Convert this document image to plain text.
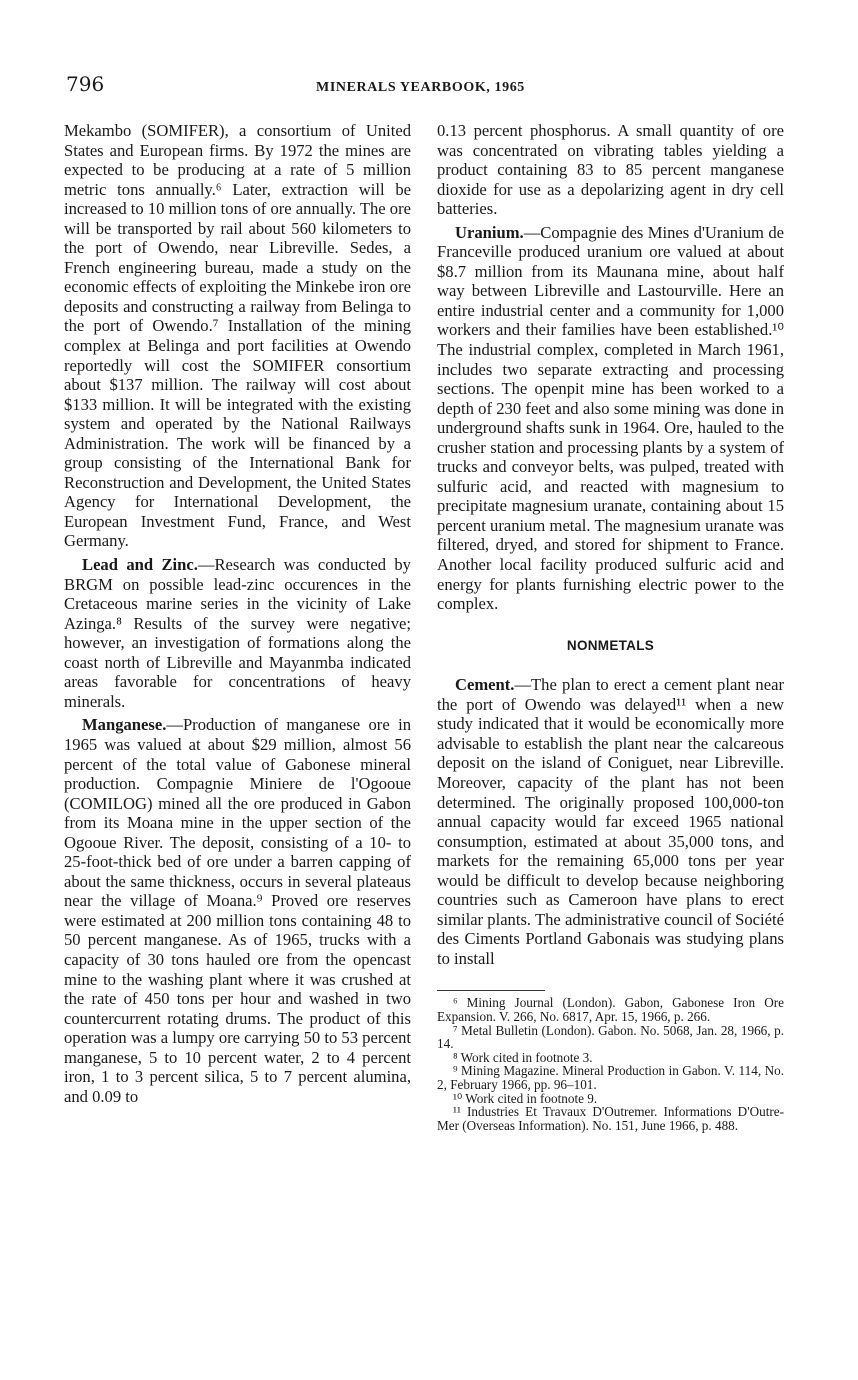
796	MINERALS YEARBOOK, 1965

Mekambo (SOMIFER), a consortium of United States and European firms. By 1972 the mines are expected to be producing at a rate of 5 million metric tons annually.⁶ Later, extraction will be increased to 10 million tons of ore annually. The ore will be transported by rail about 560 kilometers to the port of Owendo, near Libreville. Sedes, a French engineering bureau, made a study on the economic effects of exploiting the Minkebe iron ore deposits and constructing a railway from Belinga to the port of Owendo.⁷ Installation of the mining complex at Belinga and port facilities at Owendo reportedly will cost the SOMIFER consortium about $137 million. The railway will cost about $133 million. It will be integrated with the existing system and operated by the National Railways Administration. The work will be financed by a group consisting of the International Bank for Reconstruction and Development, the United States Agency for International Development, the European Investment Fund, France, and West Germany.

Lead and Zinc.—Research was conducted by BRGM on possible lead-zinc occurences in the Cretaceous marine series in the vicinity of Lake Azinga.⁸ Results of the survey were negative; however, an investigation of formations along the coast north of Libreville and Mayanmba indicated areas favorable for concentrations of heavy minerals.

Manganese.—Production of manganese ore in 1965 was valued at about $29 million, almost 56 percent of the total value of Gabonese mineral production. Compagnie Miniere de l'Ogooue (COMILOG) mined all the ore produced in Gabon from its Moana mine in the upper section of the Ogooue River. The deposit, consisting of a 10- to 25-foot-thick bed of ore under a barren capping of about the same thickness, occurs in several plateaus near the village of Moana.⁹ Proved ore reserves were estimated at 200 million tons containing 48 to 50 percent manganese. As of 1965, trucks with a capacity of 30 tons hauled ore from the opencast mine to the washing plant where it was crushed at the rate of 450 tons per hour and washed in two countercurrent rotating drums. The product of this operation was a lumpy ore carrying 50 to 53 percent manganese, 5 to 10 percent water, 2 to 4 percent iron, 1 to 3 percent silica, 5 to 7 percent alumina, and 0.09 to

0.13 percent phosphorus. A small quantity of ore was concentrated on vibrating tables yielding a product containing 83 to 85 percent manganese dioxide for use as a depolarizing agent in dry cell batteries.

Uranium.—Compagnie des Mines d'Uranium de Franceville produced uranium ore valued at about $8.7 million from its Maunana mine, about half way between Libreville and Lastourville. Here an entire industrial center and a community for 1,000 workers and their families have been established.¹⁰ The industrial complex, completed in March 1961, includes two separate extracting and processing sections. The openpit mine has been worked to a depth of 230 feet and also some mining was done in underground shafts sunk in 1964. Ore, hauled to the crusher station and processing plants by a system of trucks and conveyor belts, was pulped, treated with sulfuric acid, and reacted with magnesium to precipitate magnesium uranate, containing about 15 percent uranium metal. The magnesium uranate was filtered, dryed, and stored for shipment to France. Another local facility produced sulfuric acid and energy for plants furnishing electric power to the complex.

NONMETALS

Cement.—The plan to erect a cement plant near the port of Owendo was delayed¹¹ when a new study indicated that it would be economically more advisable to establish the plant near the calcareous deposit on the island of Coniguet, near Libreville. Moreover, capacity of the plant has not been determined. The originally proposed 100,000-ton annual capacity would far exceed 1965 national consumption, estimated at about 35,000 tons, and markets for the remaining 65,000 tons per year would be difficult to develop because neighboring countries such as Cameroon have plans to erect similar plants. The administrative council of Société des Ciments Portland Gabonais was studying plans to install

⁶ Mining Journal (London). Gabon, Gabonese Iron Ore Expansion. V. 266, No. 6817, Apr. 15, 1966, p. 266.

⁷ Metal Bulletin (London). Gabon. No. 5068, Jan. 28, 1966, p. 14.

⁸ Work cited in footnote 3.

⁹ Mining Magazine. Mineral Production in Gabon. V. 114, No. 2, February 1966, pp. 96–101.

¹⁰ Work cited in footnote 9.

¹¹ Industries Et Travaux D'Outremer. Informations D'Outre-Mer (Overseas Information). No. 151, June 1966, p. 488.
